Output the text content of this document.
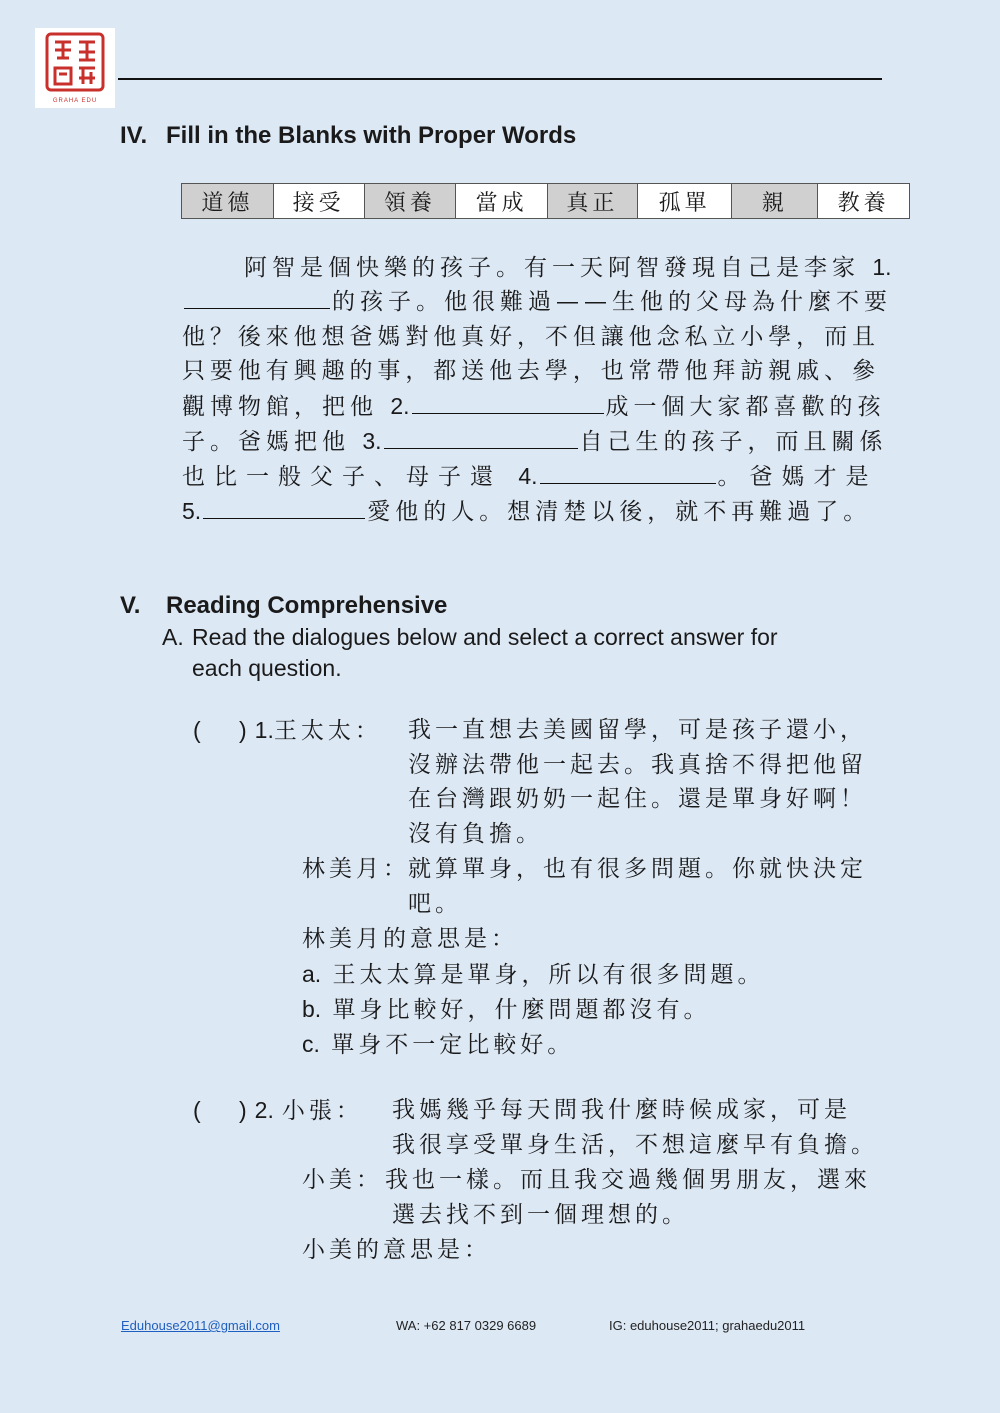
GRAHA EDU
IV. Fill in the Blanks with Proper Words
道德	接受	領養	當成	真正	孤單	親	教養
阿智是個快樂的孩子。有一天阿智發現自己是李家 1.
的孩子。他很難過——生他的父母為什麼不要
他？後來他想爸媽對他真好，不但讓他念私立小學，而且
只要他有興趣的事，都送他去學，也常帶他拜訪親戚、參
觀博物館，把他 2.	成一個大家都喜歡的孩
子。爸媽把他 3.	自己生的孩子，而且關係
也比一般父子、母子還 4.	。爸媽才是
5.	愛他的人。想清楚以後，就不再難過了。
V. Reading Comprehensive
A. Read the dialogues below and select a correct answer for
each question.
(      ) 1.王太太： 我一直想去美國留學，可是孩子還小，
沒辦法帶他一起去。我真捨不得把他留
在台灣跟奶奶一起住。還是單身好啊！
沒有負擔。
林美月：
就算單身，也有很多問題。你就快決定
吧。
林美月的意思是：
a. 王太太算是單身，所以有很多問題。
b. 單身比較好，什麼問題都沒有。
c. 單身不一定比較好。
(      ) 2. 小張： 我媽幾乎每天問我什麼時候成家，可是
我很享受單身生活，不想這麼早有負擔。
小美： 我也一樣。而且我交過幾個男朋友，選來
選去找不到一個理想的。
小美的意思是：
Eduhouse2011@gmail.com	WA: +62 817 0329 6689	IG: eduhouse2011; grahaedu2011
